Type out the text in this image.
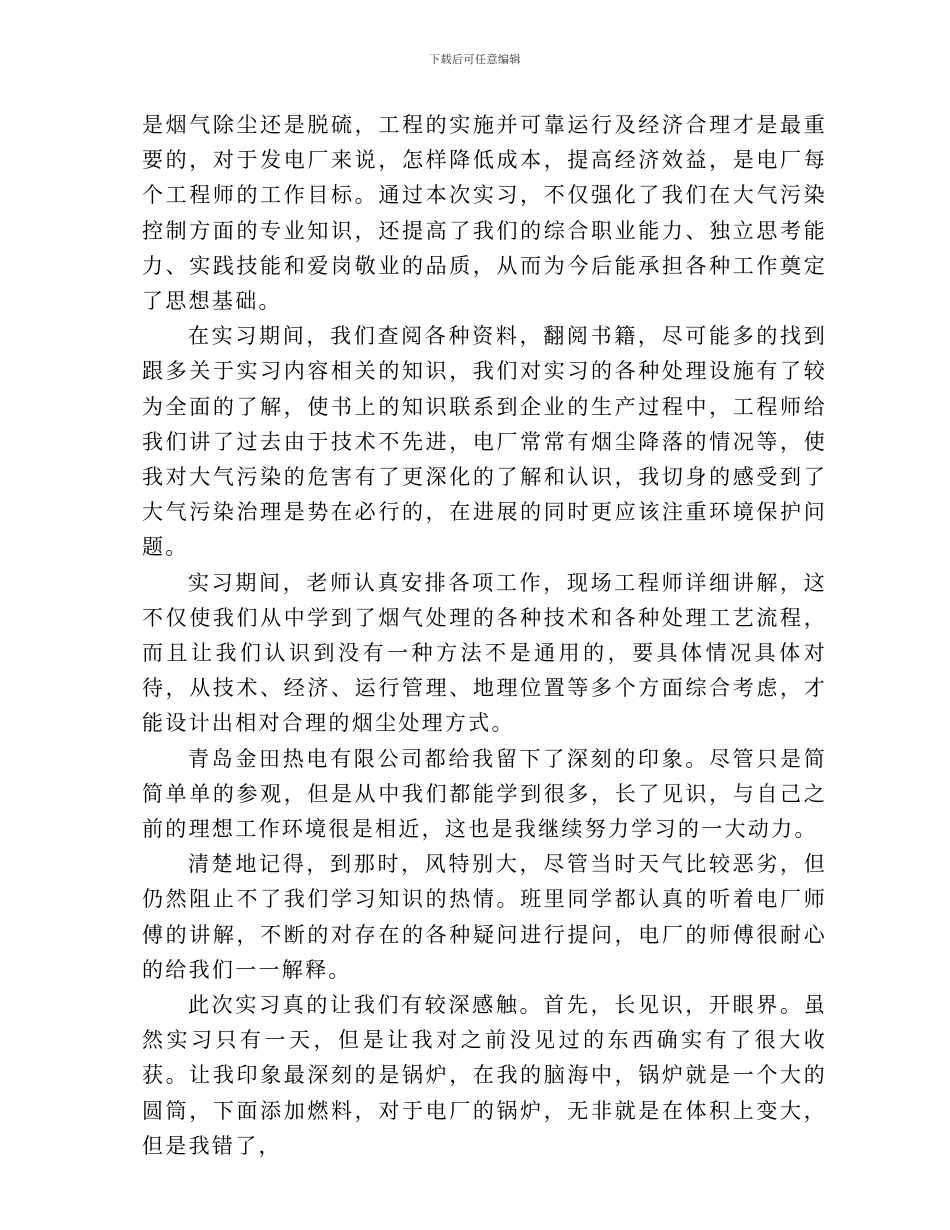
下载后可任意编辑

是烟气除尘还是脱硫，工程的实施并可靠运行及经济合理才是最重要的，对于发电厂来说，怎样降低成本，提高经济效益，是电厂每个工程师的工作目标。通过本次实习，不仅强化了我们在大气污染控制方面的专业知识，还提高了我们的综合职业能力、独立思考能力、实践技能和爱岗敬业的品质，从而为今后能承担各种工作奠定了思想基础。

在实习期间，我们查阅各种资料，翻阅书籍，尽可能多的找到跟多关于实习内容相关的知识，我们对实习的各种处理设施有了较为全面的了解，使书上的知识联系到企业的生产过程中，工程师给我们讲了过去由于技术不先进，电厂常常有烟尘降落的情况等，使我对大气污染的危害有了更深化的了解和认识，我切身的感受到了大气污染治理是势在必行的，在进展的同时更应该注重环境保护问题。

实习期间，老师认真安排各项工作，现场工程师详细讲解，这不仅使我们从中学到了烟气处理的各种技术和各种处理工艺流程，而且让我们认识到没有一种方法不是通用的，要具体情况具体对待，从技术、经济、运行管理、地理位置等多个方面综合考虑，才能设计出相对合理的烟尘处理方式。

青岛金田热电有限公司都给我留下了深刻的印象。尽管只是简简单单的参观，但是从中我们都能学到很多，长了见识，与自己之前的理想工作环境很是相近，这也是我继续努力学习的一大动力。

清楚地记得，到那时，风特别大，尽管当时天气比较恶劣，但仍然阻止不了我们学习知识的热情。班里同学都认真的听着电厂师傅的讲解，不断的对存在的各种疑问进行提问，电厂的师傅很耐心的给我们一一解释。

此次实习真的让我们有较深感触。首先，长见识，开眼界。虽然实习只有一天，但是让我对之前没见过的东西确实有了很大收获。让我印象最深刻的是锅炉，在我的脑海中，锅炉就是一个大的圆筒，下面添加燃料，对于电厂的锅炉，无非就是在体积上变大，但是我错了，
